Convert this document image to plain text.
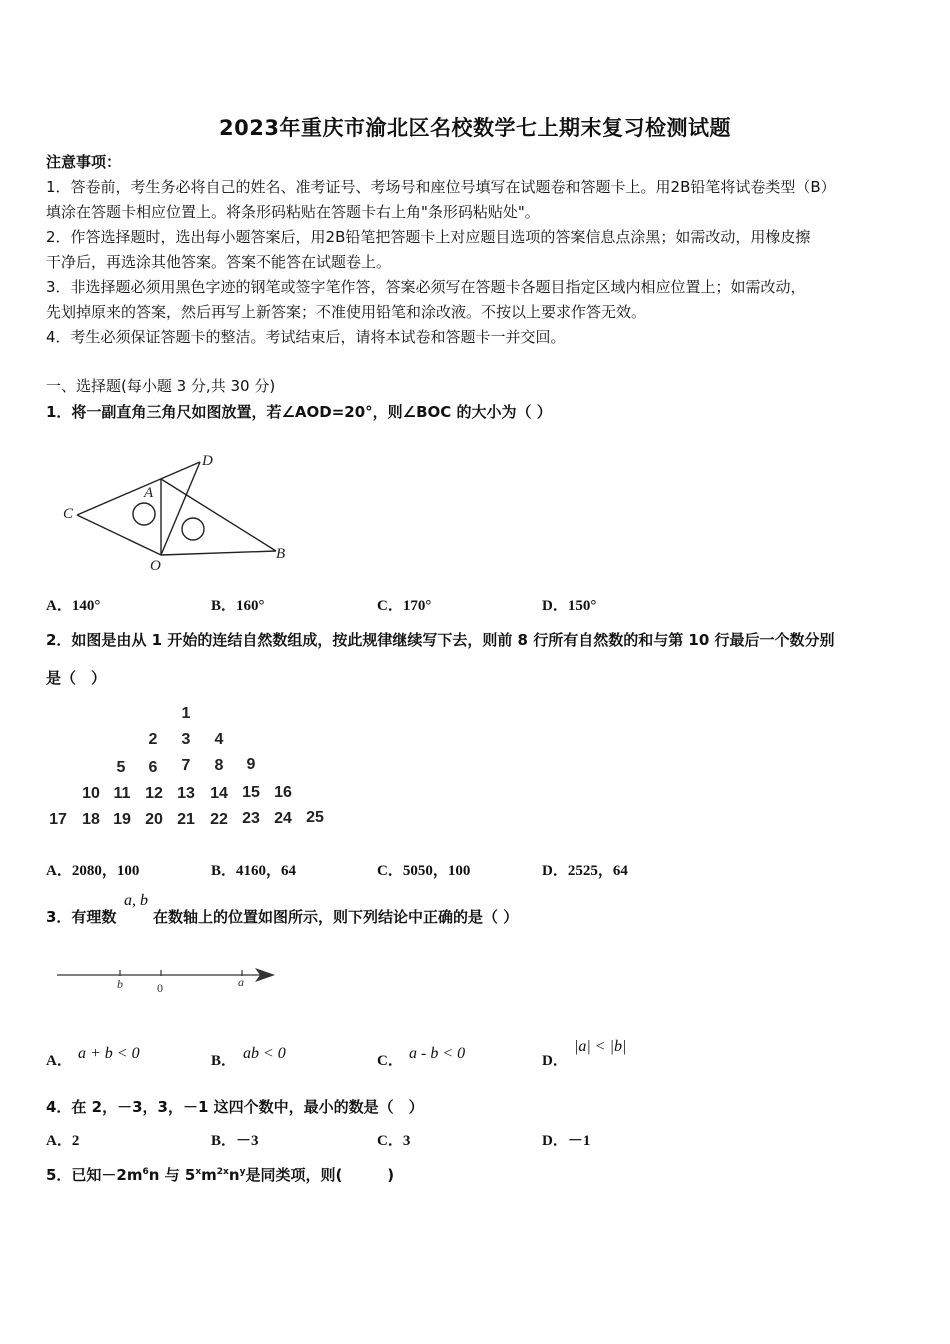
2023年重庆市渝北区名校数学七上期末复习检测试题
注意事项：
1．答卷前，考生务必将自己的姓名、准考证号、考场号和座位号填写在试题卷和答题卡上。用2B铅笔将试卷类型（B）
填涂在答题卡相应位置上。将条形码粘贴在答题卡右上角"条形码粘贴处"。
2．作答选择题时，选出每小题答案后，用2B铅笔把答题卡上对应题目选项的答案信息点涂黑；如需改动，用橡皮擦
干净后，再选涂其他答案。答案不能答在试题卷上。
3．非选择题必须用黑色字迹的钢笔或签字笔作答，答案必须写在答题卡各题目指定区域内相应位置上；如需改动，
先划掉原来的答案，然后再写上新答案；不准使用铅笔和涂改液。不按以上要求作答无效。
4．考生必须保证答题卡的整洁。考试结束后，请将本试卷和答题卡一并交回。
一、选择题(每小题 3 分,共 30 分)
1．将一副直角三角尺如图放置，若∠AOD=20°，则∠BOC 的大小为（ ）
C
A
D
O
B
A．140°	B．160°	C．170°	D．150°
2．如图是由从 1 开始的连结自然数组成，按此规律继续写下去，则前 8 行所有自然数的和与第 10 行最后一个数分别
是（　）
1
2	3	4
5	6	7	8	9
10 11 12 13 14 15 16
17 18 19 20 21 22 23 24 25
A．2080，100	B．4160，64	C．5050，100	D．2525，64
3．有理数
a, b
在数轴上的位置如图所示，则下列结论中正确的是（ ）
b	0	a
A． a + b < 0	B． ab < 0	C． a - b < 0	D．
|a| < |b|
4．在 2，－3，3，－1 这四个数中，最小的数是（　）
A．2	B．－3	C．3	D．－1
5．已知$-2m^6n$ 与 $5^xm^{2x}n^y$是同类项，则(　　　)
